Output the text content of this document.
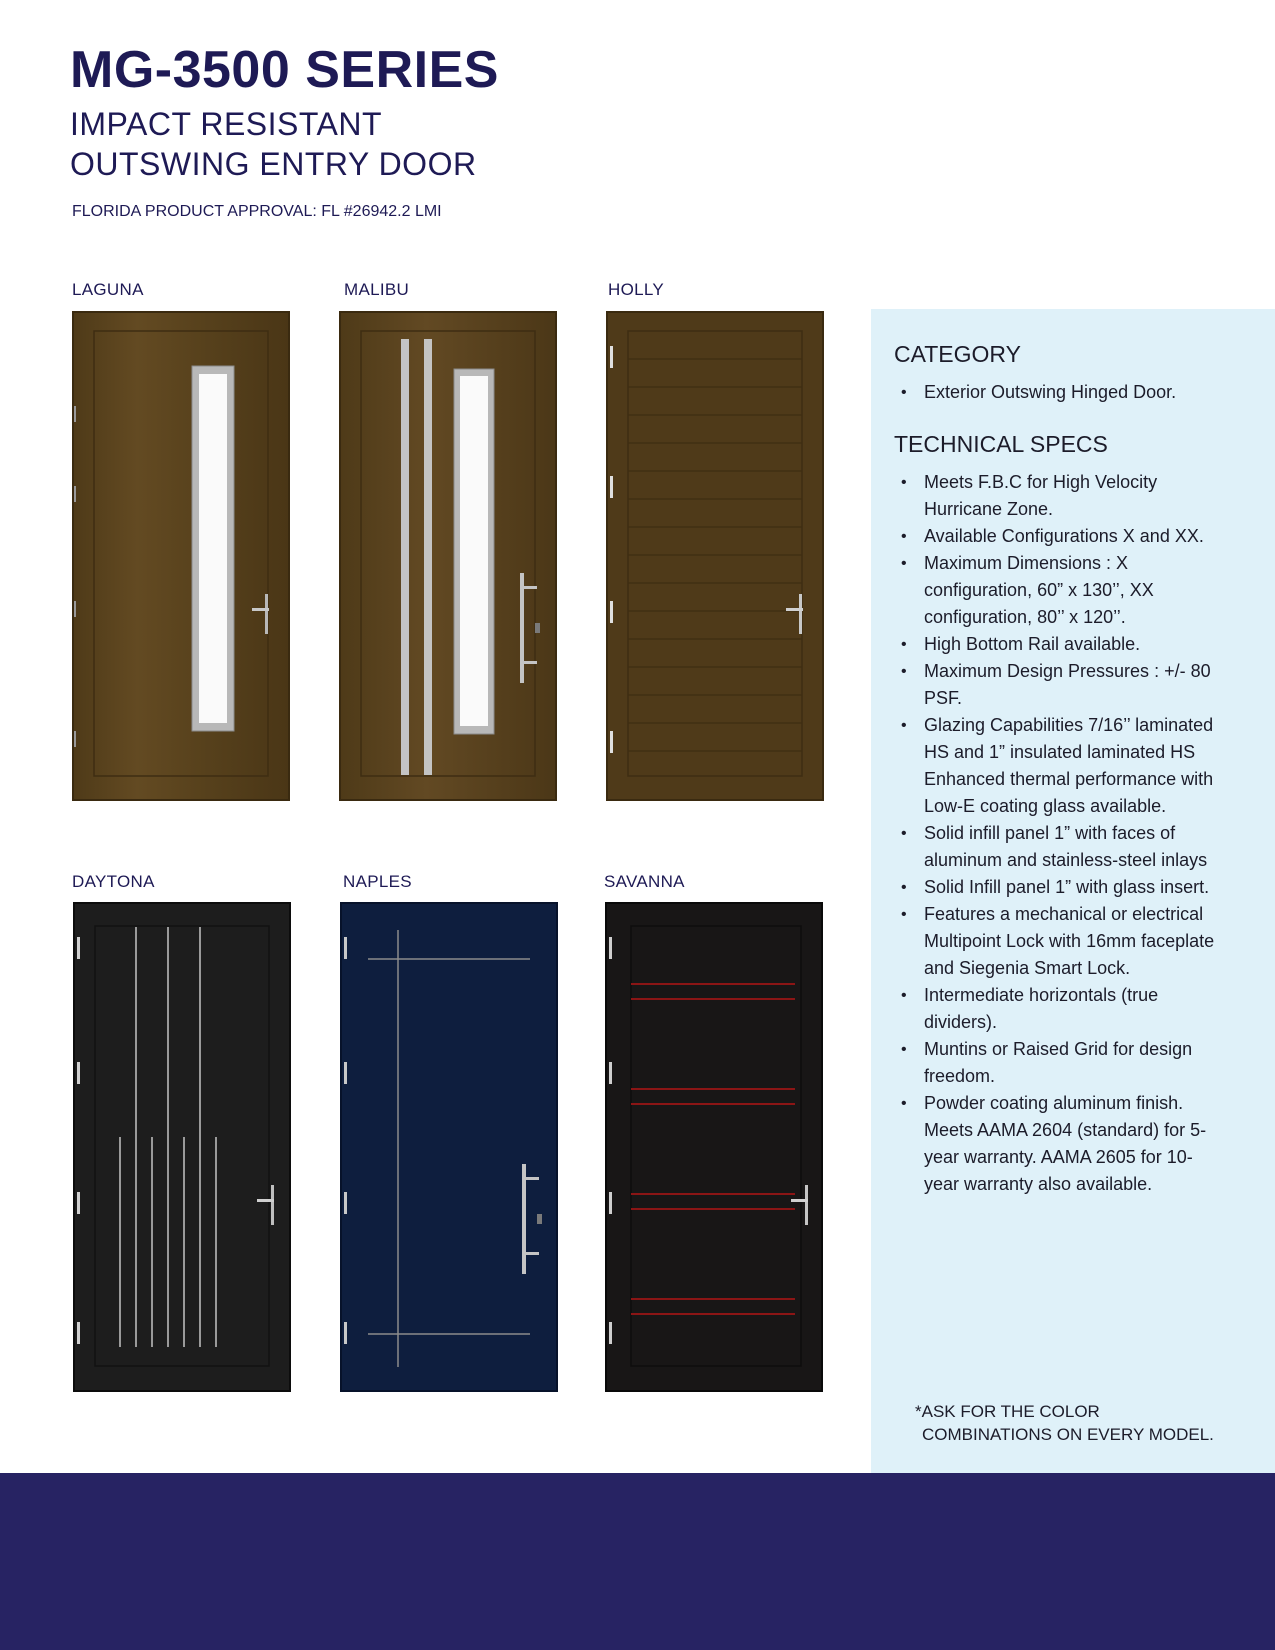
MG-3500 SERIES
IMPACT RESISTANT
OUTSWING ENTRY DOOR
FLORIDA PRODUCT APPROVAL: FL #26942.2 LMI
LAGUNA	MALIBU	HOLLY
DAYTONA	NAPLES	SAVANNA
CATEGORY
• Exterior Outswing Hinged Door.
TECHNICAL SPECS
• Meets F.B.C for High Velocity Hurricane Zone.
• Available Configurations X and XX.
• Maximum Dimensions : X configuration, 60” x 130’’, XX configuration, 80’’ x 120’’.
• High Bottom Rail available.
• Maximum Design Pressures : +/- 80 PSF.
• Glazing Capabilities 7/16’’ laminated HS and 1” insulated laminated HS Enhanced thermal performance with Low-E coating glass available.
• Solid infill panel 1” with faces of aluminum and stainless-steel inlays
• Solid Infill panel 1” with glass insert.
• Features a mechanical or electrical Multipoint Lock with 16mm faceplate and Siegenia Smart Lock.
• Intermediate horizontals (true dividers).
• Muntins or Raised Grid for design freedom.
• Powder coating aluminum finish. Meets AAMA 2604 (standard) for 5-year warranty. AAMA 2605 for 10-year warranty also available.
*ASK FOR THE COLOR
COMBINATIONS ON EVERY MODEL.
